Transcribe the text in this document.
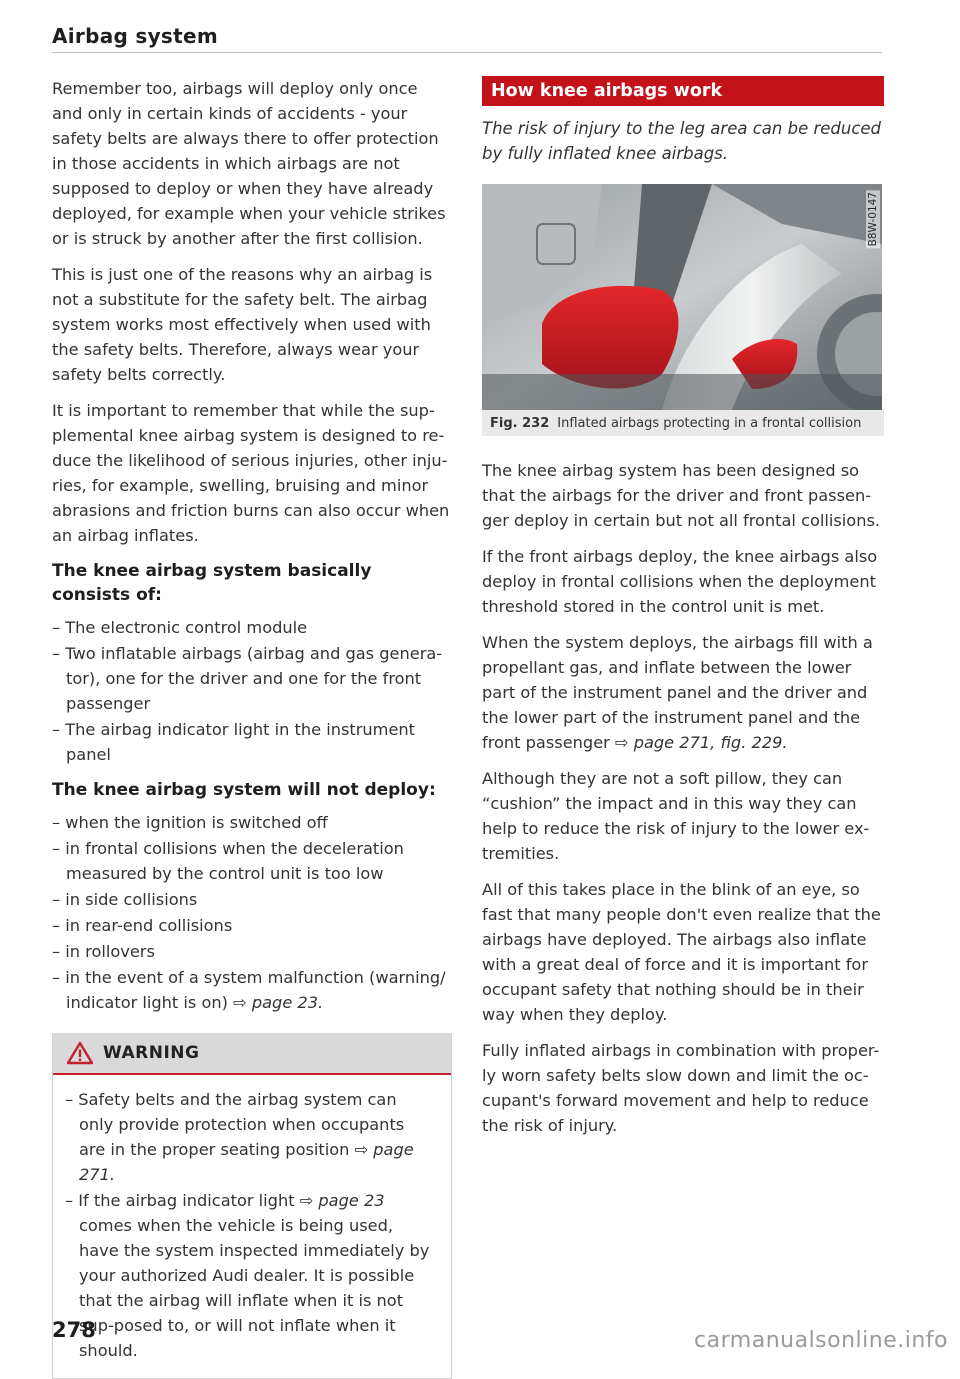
Airbag system

Remember too, airbags will deploy only once and only in certain kinds of accidents - your safety belts are always there to offer protection in those accidents in which airbags are not supposed to deploy or when they have already deployed, for example when your vehicle strikes or is struck by another after the first collision.

This is just one of the reasons why an airbag is not a substitute for the safety belt. The airbag system works most effectively when used with the safety belts. Therefore, always wear your safety belts correctly.

It is important to remember that while the sup-plemental knee airbag system is designed to re-duce the likelihood of serious injuries, other inju-ries, for example, swelling, bruising and minor abrasions and friction burns can also occur when an airbag inflates.

The knee airbag system basically consists of:
– The electronic control module
– Two inflatable airbags (airbag and gas genera-tor), one for the driver and one for the front passenger
– The airbag indicator light in the instrument panel
The knee airbag system will not deploy:
– when the ignition is switched off
– in frontal collisions when the deceleration measured by the control unit is too low
– in side collisions
– in rear-end collisions
– in rollovers
– in the event of a system malfunction (warning/ indicator light is on) ⇨ page 23.
WARNING
– Safety belts and the airbag system can only provide protection when occupants are in the proper seating position ⇨ page 271.
– If the airbag indicator light ⇨ page 23 comes when the vehicle is being used, have the system inspected immediately by your authorized Audi dealer. It is possible that the airbag will inflate when it is not sup-posed to, or will not inflate when it should.
How knee airbags work

The risk of injury to the leg area can be reduced by fully inflated knee airbags.

B8W-0147
Fig. 232 Inflated airbags protecting in a frontal collision

The knee airbag system has been designed so that the airbags for the driver and front passen-ger deploy in certain but not all frontal collisions.

If the front airbags deploy, the knee airbags also deploy in frontal collisions when the deployment threshold stored in the control unit is met.

When the system deploys, the airbags fill with a propellant gas, and inflate between the lower part of the instrument panel and the driver and the lower part of the instrument panel and the front passenger ⇨ page 271, fig. 229.

Although they are not a soft pillow, they can “cushion” the impact and in this way they can help to reduce the risk of injury to the lower ex-tremities.

All of this takes place in the blink of an eye, so fast that many people don't even realize that the airbags have deployed. The airbags also inflate with a great deal of force and it is important for occupant safety that nothing should be in their way when they deploy.

Fully inflated airbags in combination with proper-ly worn safety belts slow down and limit the oc-cupant's forward movement and help to reduce the risk of injury.

278	carmanualsonline.info
